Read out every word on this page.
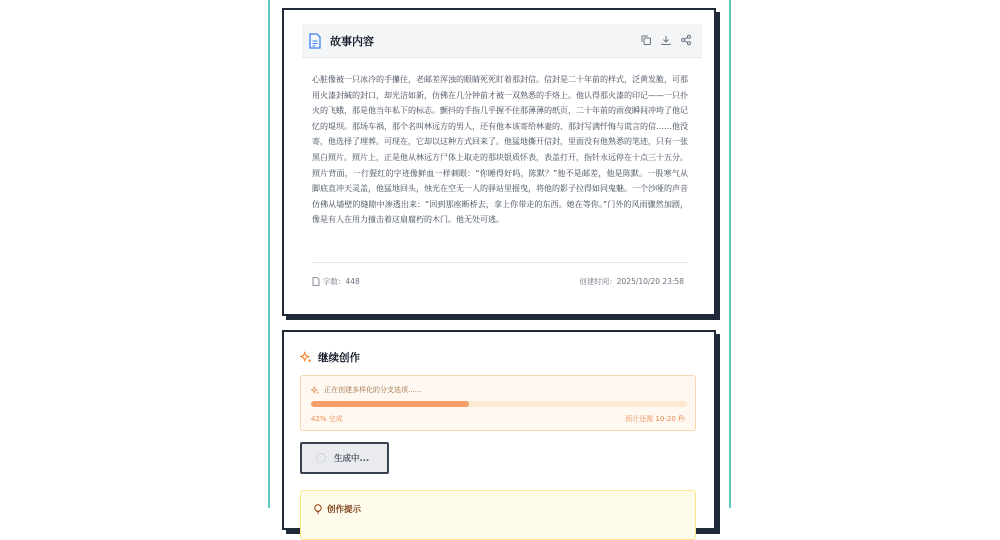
故事内容

心脏像被一只冰冷的手攥住，老邮差浑浊的眼睛死死盯着那封信。信封是二十年前的样式，泛黄发脆，可那用火漆封缄的封口，却光洁如新，仿佛在几分钟前才被一双熟悉的手烙上。他认得那火漆的印记——一只扑火的飞蛾，那是他当年私下的标志。颤抖的手指几乎握不住那薄薄的纸页，二十年前的雨夜瞬间冲垮了他记忆的堤坝。那场车祸，那个名叫林远方的男人，还有他本该寄给林妻的、那封写满忏悔与谎言的信……他没寄，他选择了埋葬。可现在，它却以这种方式回来了。他猛地撕开信封，里面没有他熟悉的笔迹，只有一张黑白照片。照片上，正是他从林远方尸体上取走的那块银质怀表，表盖打开，指针永远停在十点三十五分。照片背面，一行猩红的字迹像鲜血一样刺眼：“你睡得好吗，陈默？”他不是邮差，他是陈默。一股寒气从脚底直冲天灵盖，他猛地回头，烛光在空无一人的驿站里摇曳，将他的影子拉得如同鬼魅。一个沙哑的声音仿佛从墙壁的缝隙中渗透出来：“回到那座断桥去，拿上你带走的东西。她在等你。”门外的风雨骤然加剧，像是有人在用力撞击着这扇腐朽的木门。他无处可逃。

字数：448	创建时间：2025/10/20 23:58
继续创作
正在创建多样化的分支选项......
42% 完成	预计还需 10-20 秒
生成中...
创作提示
